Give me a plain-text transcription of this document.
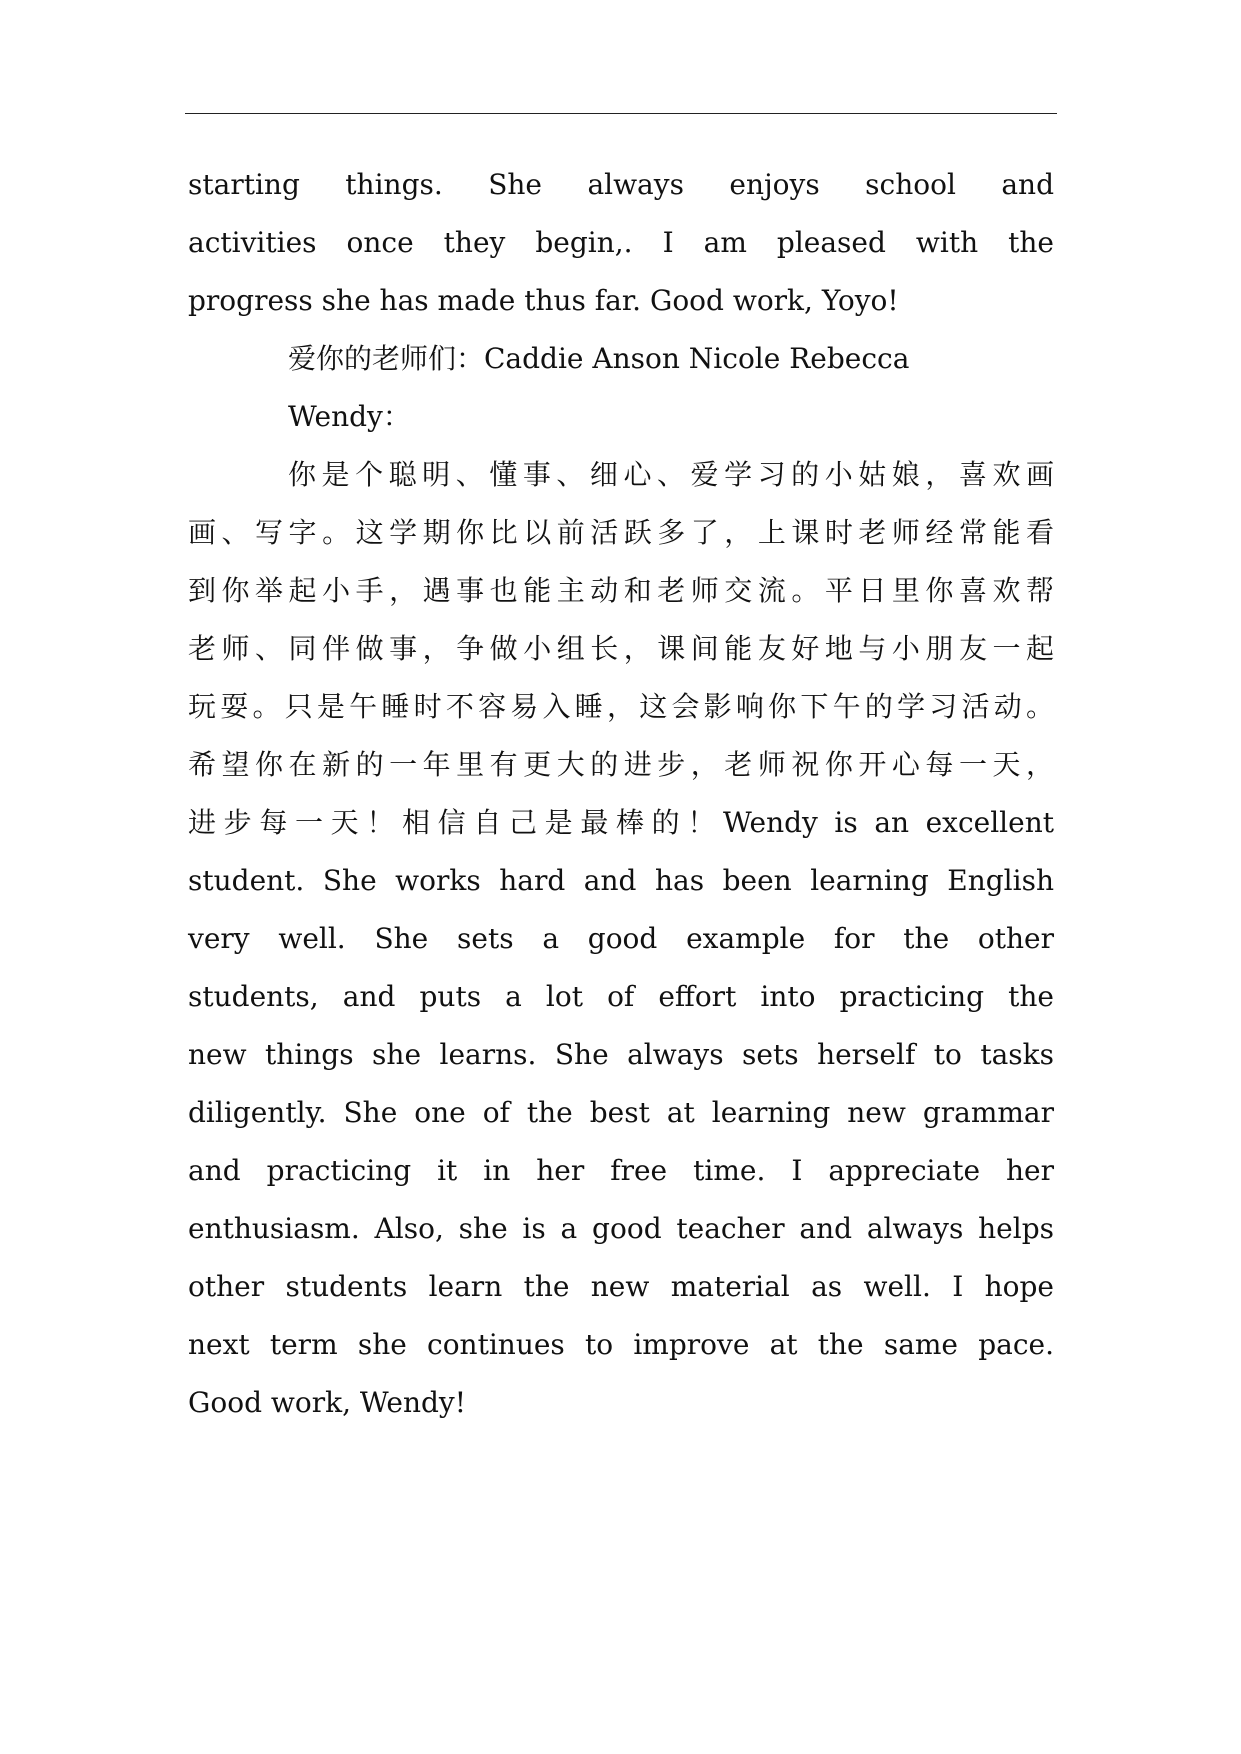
starting things. She always enjoys school and
activities once they begin,. I am pleased with the
progress she has made thus far. Good work, Yoyo!
爱你的老师们：Caddie Anson Nicole Rebecca
Wendy：
你是个聪明、懂事、细心、爱学习的小姑娘，喜欢画
画、写字。这学期你比以前活跃多了，上课时老师经常能看
到你举起小手，遇事也能主动和老师交流。平日里你喜欢帮
老师、同伴做事，争做小组长，课间能友好地与小朋友一起
玩耍。只是午睡时不容易入睡，这会影响你下午的学习活动。
希望你在新的一年里有更大的进步，老师祝你开心每一天，
进步每一天！相信自己是最棒的！Wendy is an excellent
student. She works hard and has been learning English
very well. She sets a good example for the other
students, and puts a lot of effort into practicing the
new things she learns. She always sets herself to tasks
diligently. She one of the best at learning new grammar
and practicing it in her free time. I appreciate her
enthusiasm. Also, she is a good teacher and always helps
other students learn the new material as well. I hope
next term she continues to improve at the same pace.
Good work, Wendy!
